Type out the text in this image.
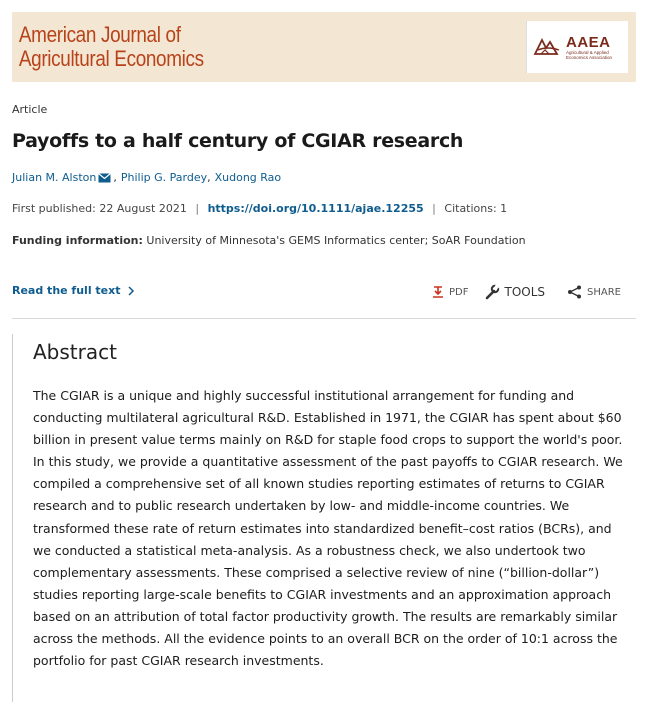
American Journal of
Agricultural Economics
AAEA
Agricultural & Applied Economics Association
Article
Payoffs to a half century of CGIAR research
Julian M. Alston , Philip G. Pardey , Xudong Rao
First published: 22 August 2021 | https://doi.org/10.1111/ajae.12255 | Citations: 1
Funding information: University of Minnesota's GEMS Informatics center; SoAR Foundation
Read the full text	PDF	TOOLS	SHARE
Abstract

The CGIAR is a unique and highly successful institutional arrangement for funding and conducting multilateral agricultural R&D. Established in 1971, the CGIAR has spent about $60 billion in present value terms mainly on R&D for staple food crops to support the world's poor. In this study, we provide a quantitative assessment of the past payoffs to CGIAR research. We compiled a comprehensive set of all known studies reporting estimates of returns to CGIAR research and to public research undertaken by low- and middle-income countries. We transformed these rate of return estimates into standardized benefit–cost ratios (BCRs), and we conducted a statistical meta-analysis. As a robustness check, we also undertook two complementary assessments. These comprised a selective review of nine (“billion-dollar”) studies reporting large-scale benefits to CGIAR investments and an approximation approach based on an attribution of total factor productivity growth. The results are remarkably similar across the methods. All the evidence points to an overall BCR on the order of 10:1 across the portfolio for past CGIAR research investments.
